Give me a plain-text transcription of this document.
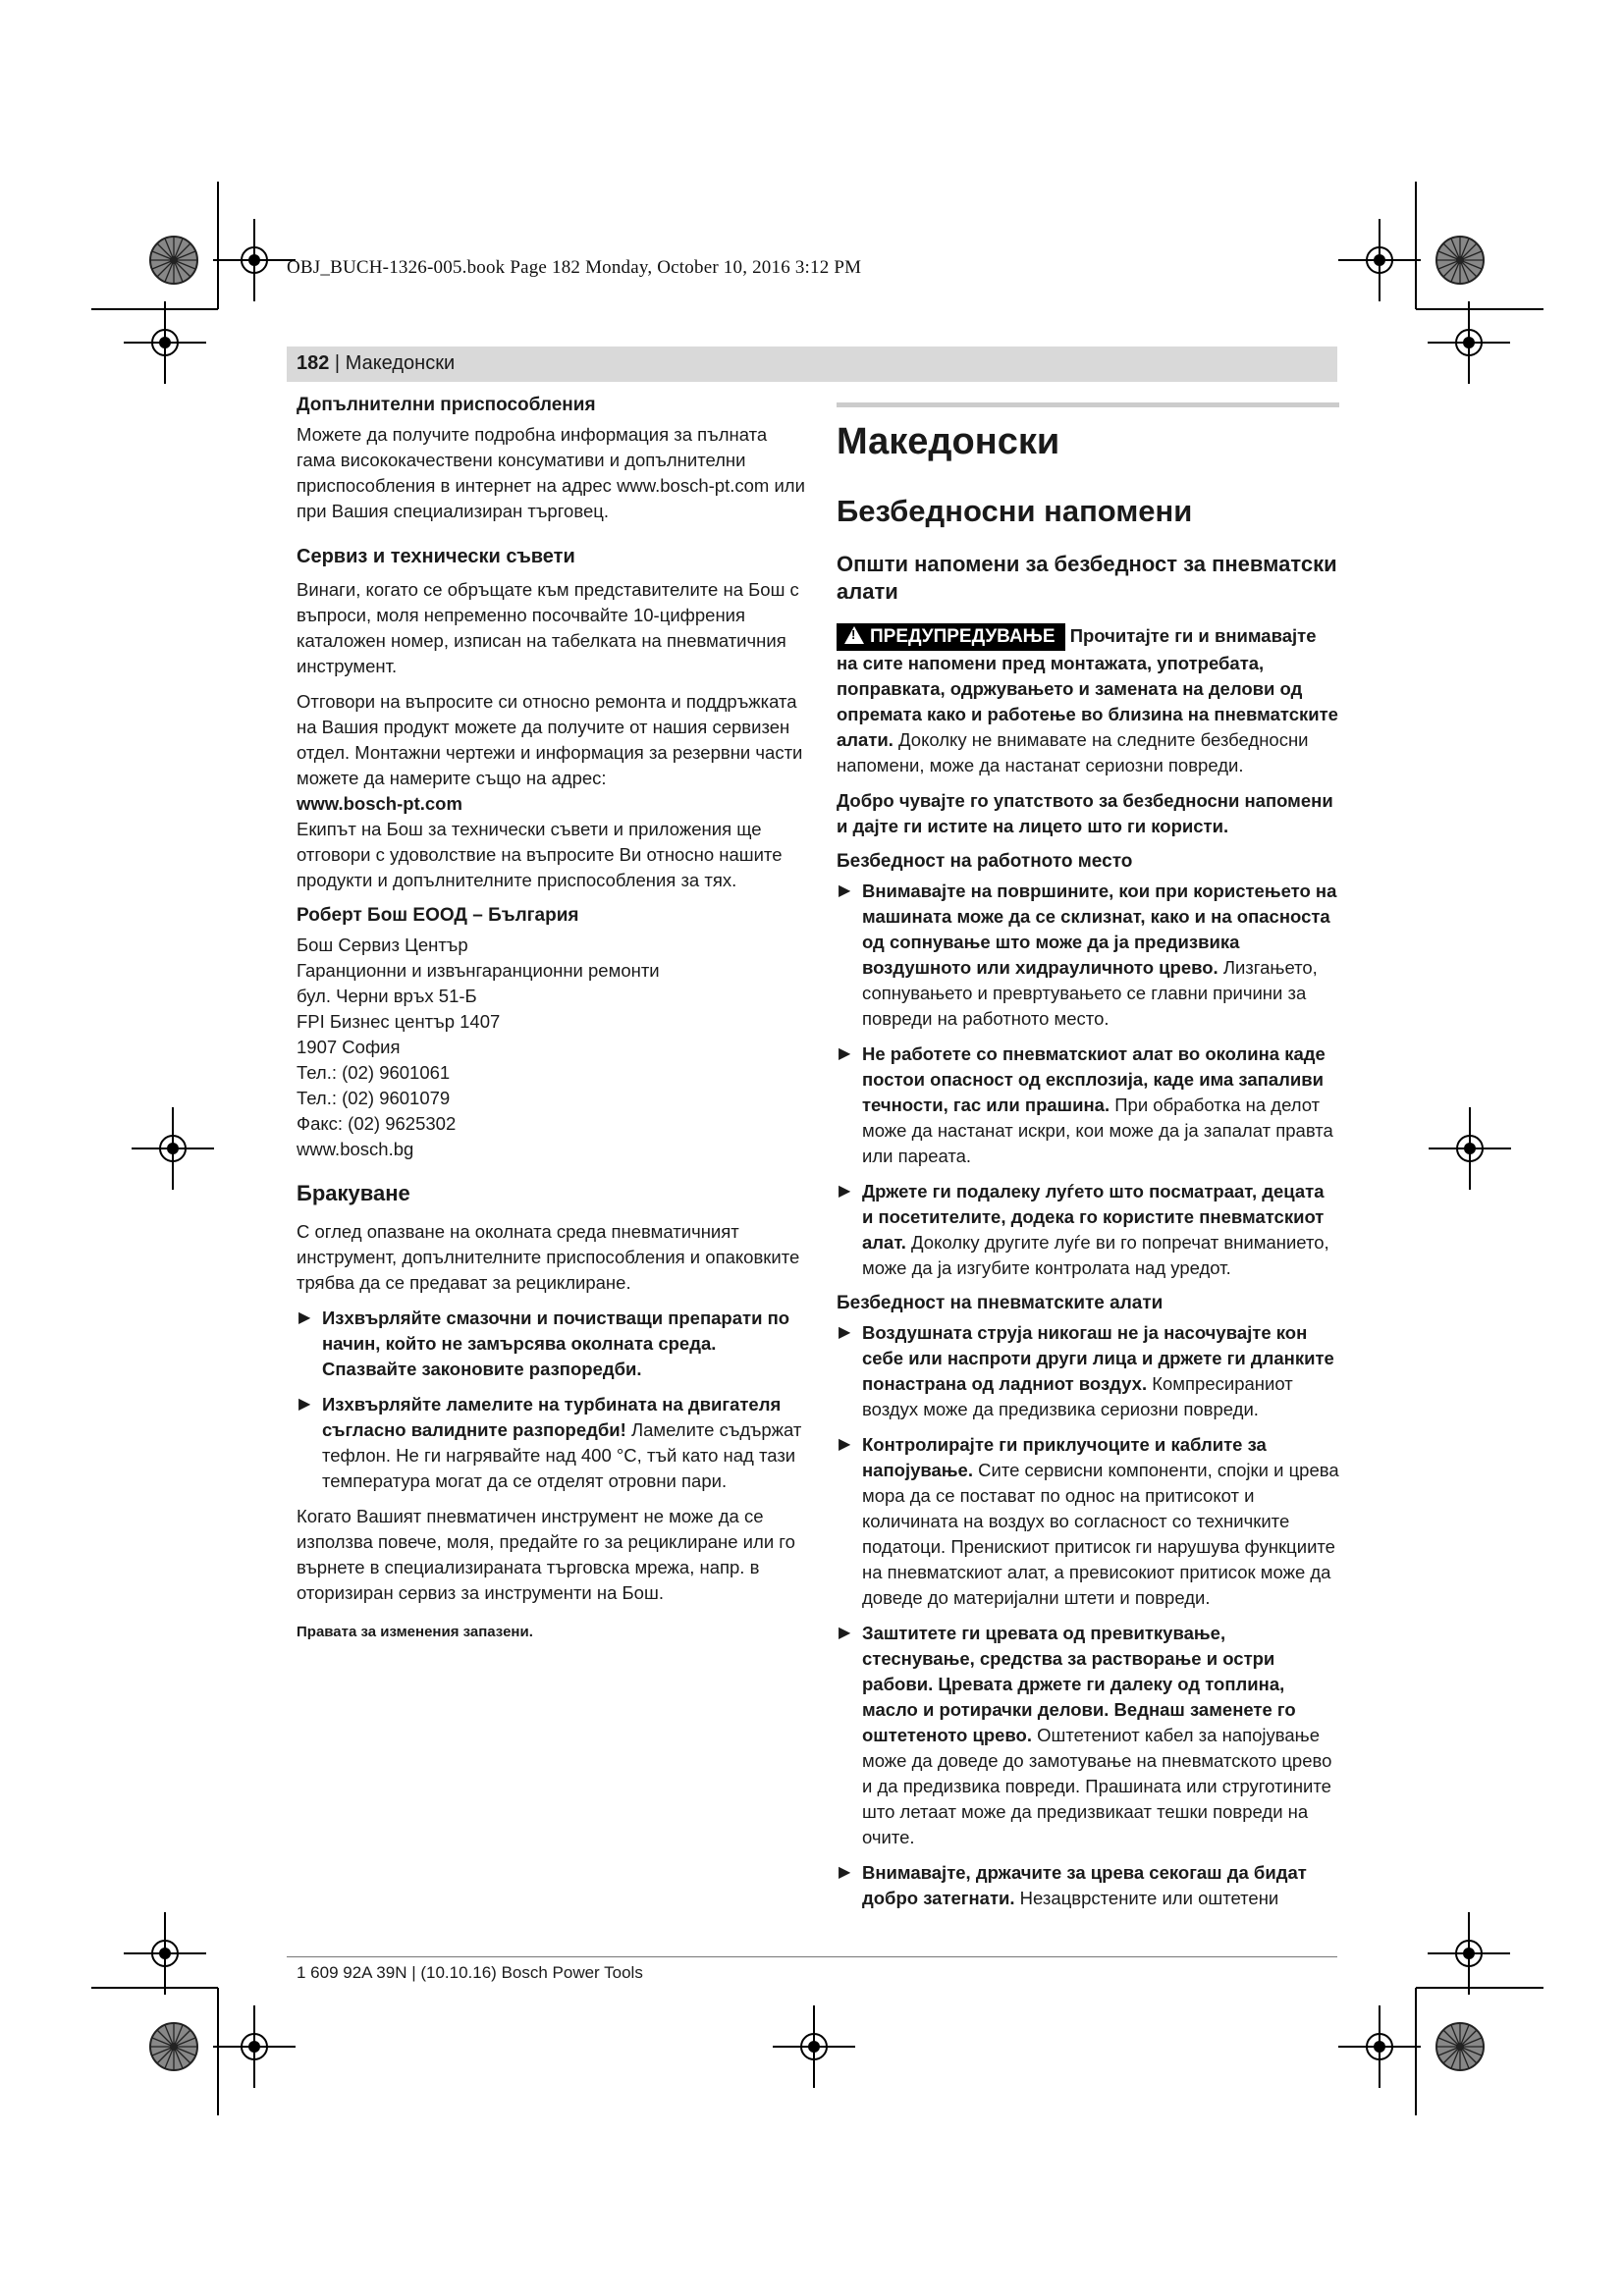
OBJ_BUCH-1326-005.book Page 182 Monday, October 10, 2016 3:12 PM
182 | Македонски
Допълнителни приспособления

Можете да получите подробна информация за пълната гама висококачествени консумативи и допълнителни приспособления в интернет на адрес www.bosch-pt.com или при Вашия специализиран търговец.

Сервиз и технически съвети

Винаги, когато се обръщате към представителите на Бош с въпроси, моля непременно посочвайте 10-цифрения каталожен номер, изписан на табелката на пневматичния инструмент.

Отговори на въпросите си относно ремонта и поддръжката на Вашия продукт можете да получите от нашия сервизен отдел. Монтажни чертежи и информация за резервни части можете да намерите също на адрес:

www.bosch-pt.com

Екипът на Бош за технически съвети и приложения ще отговори с удоволствие на въпросите Ви относно нашите продукти и допълнителните приспособления за тях.

Роберт Бош ЕООД – България
Бош Сервиз Център
Гаранционни и извънгаранционни ремонти
бул. Черни връх 51-Б
FPI Бизнес център 1407
1907 София
Тел.: (02) 9601061
Тел.: (02) 9601079
Факс: (02) 9625302
www.bosch.bg
Бракуване

С оглед опазване на околната среда пневматичният инструмент, допълнителните приспособления и опаковките трябва да се предават за рециклиране.

▶ Изхвърляйте смазочни и почистващи препарати по начин, който не замърсява околната среда. Спазвайте законовите разпоредби.
▶ Изхвърляйте ламелите на турбината на двигателя съгласно валидните разпоредби! Ламелите съдържат тефлон. Не ги нагрявайте над 400 °C, тъй като над тази температура могат да се отделят отровни пари.

Когато Вашият пневматичен инструмент не може да се използва повече, моля, предайте го за рециклиране или го върнете в специализираната търговска мрежа, напр. в оторизиран сервиз за инструменти на Бош.

Правата за изменения запазени.

Македонски
Безбедносни напомени
Општи напомени за безбедност за пневматски алати

!ПРЕДУПРЕДУВАЊЕ Прочитајте ги и внимавајте на сите напомени пред монтажата, употребата, поправката, одржувањето и замената на делови од опремата како и работење во близина на пневматските алати. Доколку не внимавате на следните безбедносни напомени, може да настанат сериозни повреди.

Добро чувајте го упатството за безбедносни напомени и дајте ги истите на лицето што ги користи.

Безбедност на работното место
▶ Внимавајте на површините, кои при користењето на машината може да се склизнат, како и на опасноста од сопнување што може да ја предизвика воздушното или хидрауличното црево. Лизгањето, сопнувањето и превртувањето се главни причини за повреди на работното место.
▶ Не работете со пневматскиот алат во околина каде постои опасност од експлозија, каде има запаливи течности, гас или прашина. При обработка на делот може да настанат искри, кои може да ја запалат правта или пареата.
▶ Држете ги подалеку луѓето што посматраат, децата и посетителите, додека го користите пневматскиот алат. Доколку другите луѓе ви го попречат вниманието, може да ја изгубите контролата над уредот.
Безбедност на пневматските алати
▶ Воздушната струја никогаш не ја насочувајте кон себе или наспроти други лица и држете ги дланките понастрана од ладниот воздух. Компресираниот воздух може да предизвика сериозни повреди.
▶ Контролирајте ги приклучоците и каблите за напојување. Сите сервисни компоненти, спојки и црева мора да се поставaт по однос на притисокот и количината на воздух во согласност со техничките податоци. Пренискиот притисок ги нарушува функциите на пневматскиот алат, а превисокиот притисок може да доведе до материјални штети и повреди.
▶ Заштитете ги цревата од превиткување, стеснување, средства за растворање и остри рабови. Цревата држете ги далеку од топлина, масло и ротирачки делови. Веднаш заменете го оштетеното црево. Оштетениот кабел за напојување може да доведе до замотување на пневматското црево и да предизвика повреди. Прашината или струготините што летаат може да предизвикаат тешки повреди на очите.
▶ Внимавајте, држачите за црева секогаш да бидат добро затегнати. Незацврстените или оштетени
1 609 92A 39N | (10.10.16) Bosch Power Tools
